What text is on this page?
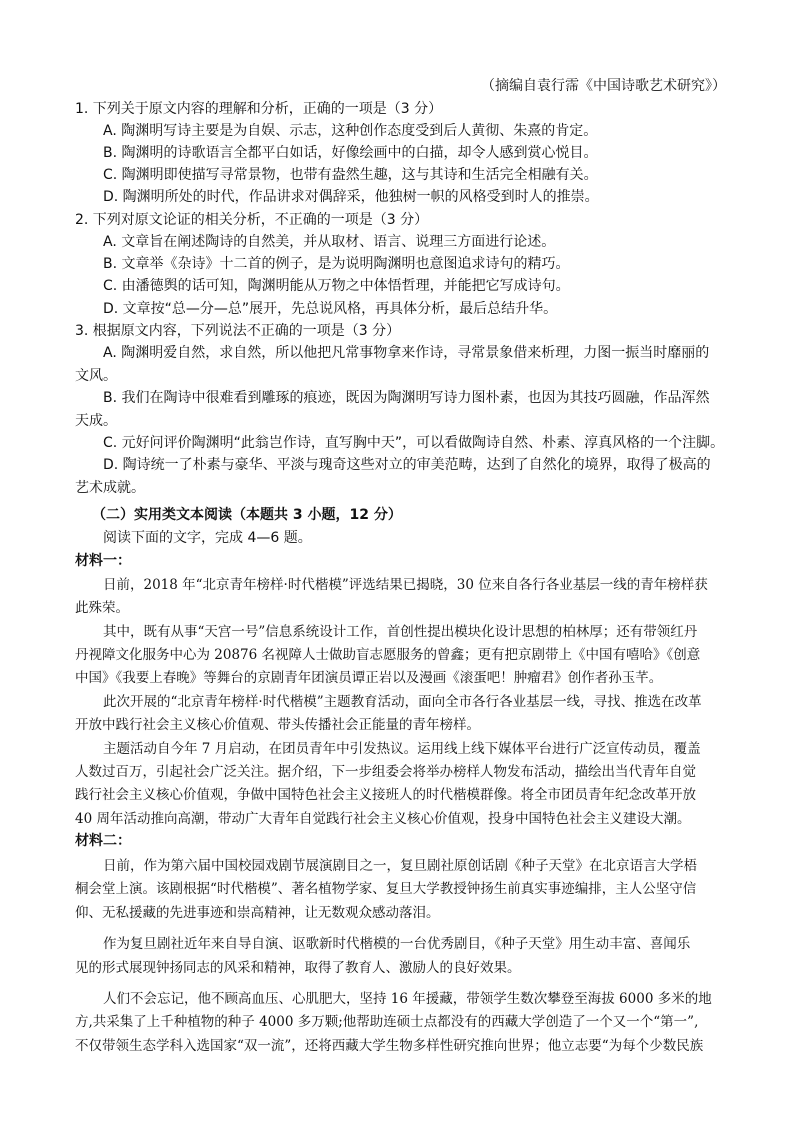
（摘编自袁行霈《中国诗歌艺术研究》）
1. 下列关于原文内容的理解和分析，正确的一项是（3 分）
A. 陶渊明写诗主要是为自娱、示志，这种创作态度受到后人黄彻、朱熹的肯定。
B. 陶渊明的诗歌语言全都平白如话，好像绘画中的白描，却令人感到赏心悦目。
C. 陶渊明即使描写寻常景物，也带有盎然生趣，这与其诗和生活完全相融有关。
D. 陶渊明所处的时代，作品讲求对偶辞采，他独树一帜的风格受到时人的推崇。
2. 下列对原文论证的相关分析，不正确的一项是（3 分）
A. 文章旨在阐述陶诗的自然美，并从取材、语言、说理三方面进行论述。
B. 文章举《杂诗》十二首的例子，是为说明陶渊明也意图追求诗句的精巧。
C. 由潘德舆的话可知，陶渊明能从万物之中体悟哲理，并能把它写成诗句。
D. 文章按“总—分—总”展开，先总说风格，再具体分析，最后总结升华。
3. 根据原文内容，下列说法不正确的一项是（3 分）
A. 陶渊明爱自然，求自然，所以他把凡常事物拿来作诗，寻常景象借来析理，力图一振当时靡丽的
文风。
B. 我们在陶诗中很难看到雕琢的痕迹，既因为陶渊明写诗力图朴素，也因为其技巧圆融，作品浑然
天成。
C. 元好问评价陶渊明“此翁岂作诗，直写胸中天”，可以看做陶诗自然、朴素、淳真风格的一个注脚。
D. 陶诗统一了朴素与豪华、平淡与瑰奇这些对立的审美范畴，达到了自然化的境界，取得了极高的
艺术成就。
（二）实用类文本阅读（本题共 3 小题，12 分）
阅读下面的文字，完成 4—6 题。
材料一：
日前，2018 年“北京青年榜样·时代楷模”评选结果已揭晓，30 位来自各行各业基层一线的青年榜样获
此殊荣。
其中，既有从事“天宫一号”信息系统设计工作，首创性提出模块化设计思想的柏林厚；还有带领红丹
丹视障文化服务中心为 20876 名视障人士做助盲志愿服务的曾鑫；更有把京剧带上《中国有嘻哈》《创意
中国》《我要上春晚》等舞台的京剧青年团演员谭正岩以及漫画《滚蛋吧！肿瘤君》创作者孙玉芊。
此次开展的“北京青年榜样·时代楷模”主题教育活动，面向全市各行各业基层一线，寻找、推选在改革
开放中践行社会主义核心价值观、带头传播社会正能量的青年榜样。
主题活动自今年 7 月启动，在团员青年中引发热议。运用线上线下媒体平台进行广泛宣传动员，覆盖
人数过百万，引起社会广泛关注。据介绍，下一步组委会将举办榜样人物发布活动，描绘出当代青年自觉
践行社会主义核心价值观，争做中国特色社会主义接班人的时代楷模群像。将全市团员青年纪念改革开放
40 周年活动推向高潮，带动广大青年自觉践行社会主义核心价值观，投身中国特色社会主义建设大潮。
材料二：
日前，作为第六届中国校园戏剧节展演剧目之一，复旦剧社原创话剧《种子天堂》在北京语言大学梧
桐会堂上演。该剧根据“时代楷模”、著名植物学家、复旦大学教授钟扬生前真实事迹编排，主人公坚守信
仰、无私援藏的先进事迹和崇高精神，让无数观众感动落泪。
作为复旦剧社近年来自导自演、讴歌新时代楷模的一台优秀剧目，《种子天堂》用生动丰富、喜闻乐
见的形式展现钟扬同志的风采和精神，取得了教育人、激励人的良好效果。
人们不会忘记，他不顾高血压、心肌肥大，坚持 16 年援藏，带领学生数次攀登至海拔 6000 多米的地
方,共采集了上千种植物的种子 4000 多万颗;他帮助连硕士点都没有的西藏大学创造了一个又一个“第一”,
不仅带领生态学科入选国家“双一流”，还将西藏大学生物多样性研究推向世界；他立志要“为每个少数民族
